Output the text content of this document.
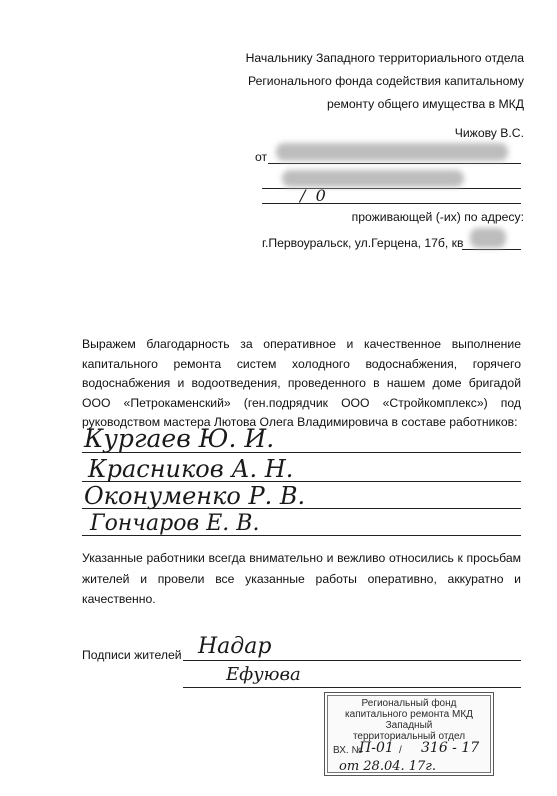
Начальнику Западного территориального отдела
Регионального фонда содействия капитальному
ремонту общего имущества в МКД
Чижову В.С.
от
/  0
проживающей (-их) по адресу:
г.Первоуральск, ул.Герцена, 17б, кв
Выражем благодарность за оперативное и качественное выполнение капитального ремонта систем холодного водоснабжения, горячего водоснабжения и водоотведения, проведенного в нашем доме бригадой ООО «Петрокаменский» (ген.подрядчик ООО «Стройкомплекс») под руководством мастера Лютова Олега Владимировича в составе работников:
Кургаев Ю. И.
Красников А. Н.
Оконуменко Р. В.
Гончаров Е. В.
Указанные работники всегда внимательно и вежливо относились к просьбам жителей и провели все указанные работы оперативно, аккуратно и качественно.
Подписи жителей Надар
Ефуюва
Региональный фонд
капитального ремонта МКД
Западный
территориальный отдел
ВХ. №
П-01 / 316 - 17
от 28.04. 17г.
